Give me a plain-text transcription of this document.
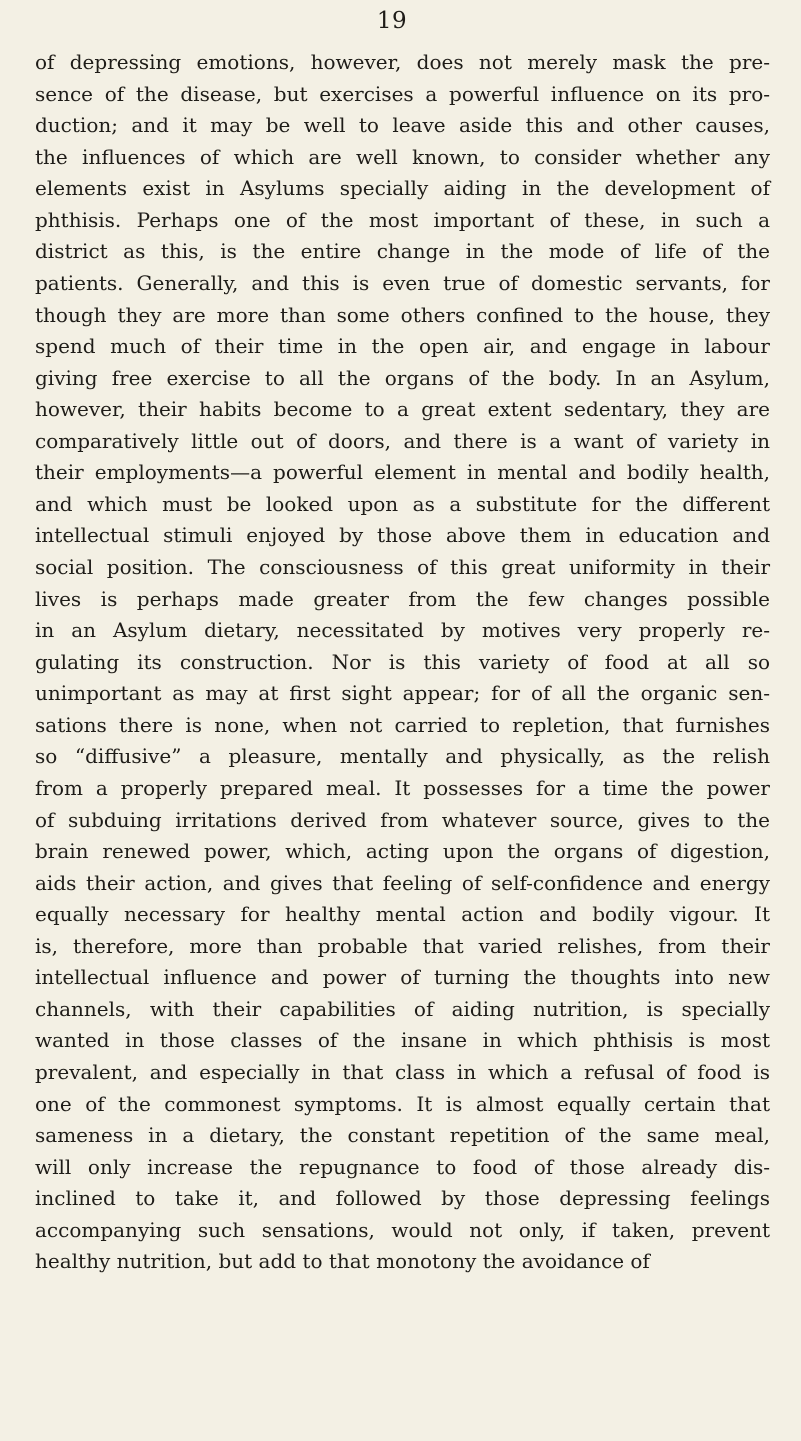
19
of depressing emotions, however, does not merely mask the pre-
sence of the disease, but exercises a powerful influence on its pro-
duction; and it may be well to leave aside this and other causes,
the influences of which are well known, to consider whether any
elements exist in Asylums specially aiding in the development of
phthisis. Perhaps one of the most important of these, in such a
district as this, is the entire change in the mode of life of the
patients. Generally, and this is even true of domestic servants, for
though they are more than some others confined to the house, they
spend much of their time in the open air, and engage in labour
giving free exercise to all the organs of the body. In an Asylum,
however, their habits become to a great extent sedentary, they are
comparatively little out of doors, and there is a want of variety in
their employments—a powerful element in mental and bodily health,
and which must be looked upon as a substitute for the different
intellectual stimuli enjoyed by those above them in education and
social position. The consciousness of this great uniformity in their
lives is perhaps made greater from the few changes possible
in an Asylum dietary, necessitated by motives very properly re-
gulating its construction. Nor is this variety of food at all so
unimportant as may at first sight appear; for of all the organic sen-
sations there is none, when not carried to repletion, that furnishes
so “diffusive” a pleasure, mentally and physically, as the relish
from a properly prepared meal. It possesses for a time the power
of subduing irritations derived from whatever source, gives to the
brain renewed power, which, acting upon the organs of digestion,
aids their action, and gives that feeling of self-confidence and energy
equally necessary for healthy mental action and bodily vigour. It
is, therefore, more than probable that varied relishes, from their
intellectual influence and power of turning the thoughts into new
channels, with their capabilities of aiding nutrition, is specially
wanted in those classes of the insane in which phthisis is most
prevalent, and especially in that class in which a refusal of food is
one of the commonest symptoms. It is almost equally certain that
sameness in a dietary, the constant repetition of the same meal,
will only increase the repugnance to food of those already dis-
inclined to take it, and followed by those depressing feelings
accompanying such sensations, would not only, if taken, prevent
healthy nutrition, but add to that monotony the avoidance of
